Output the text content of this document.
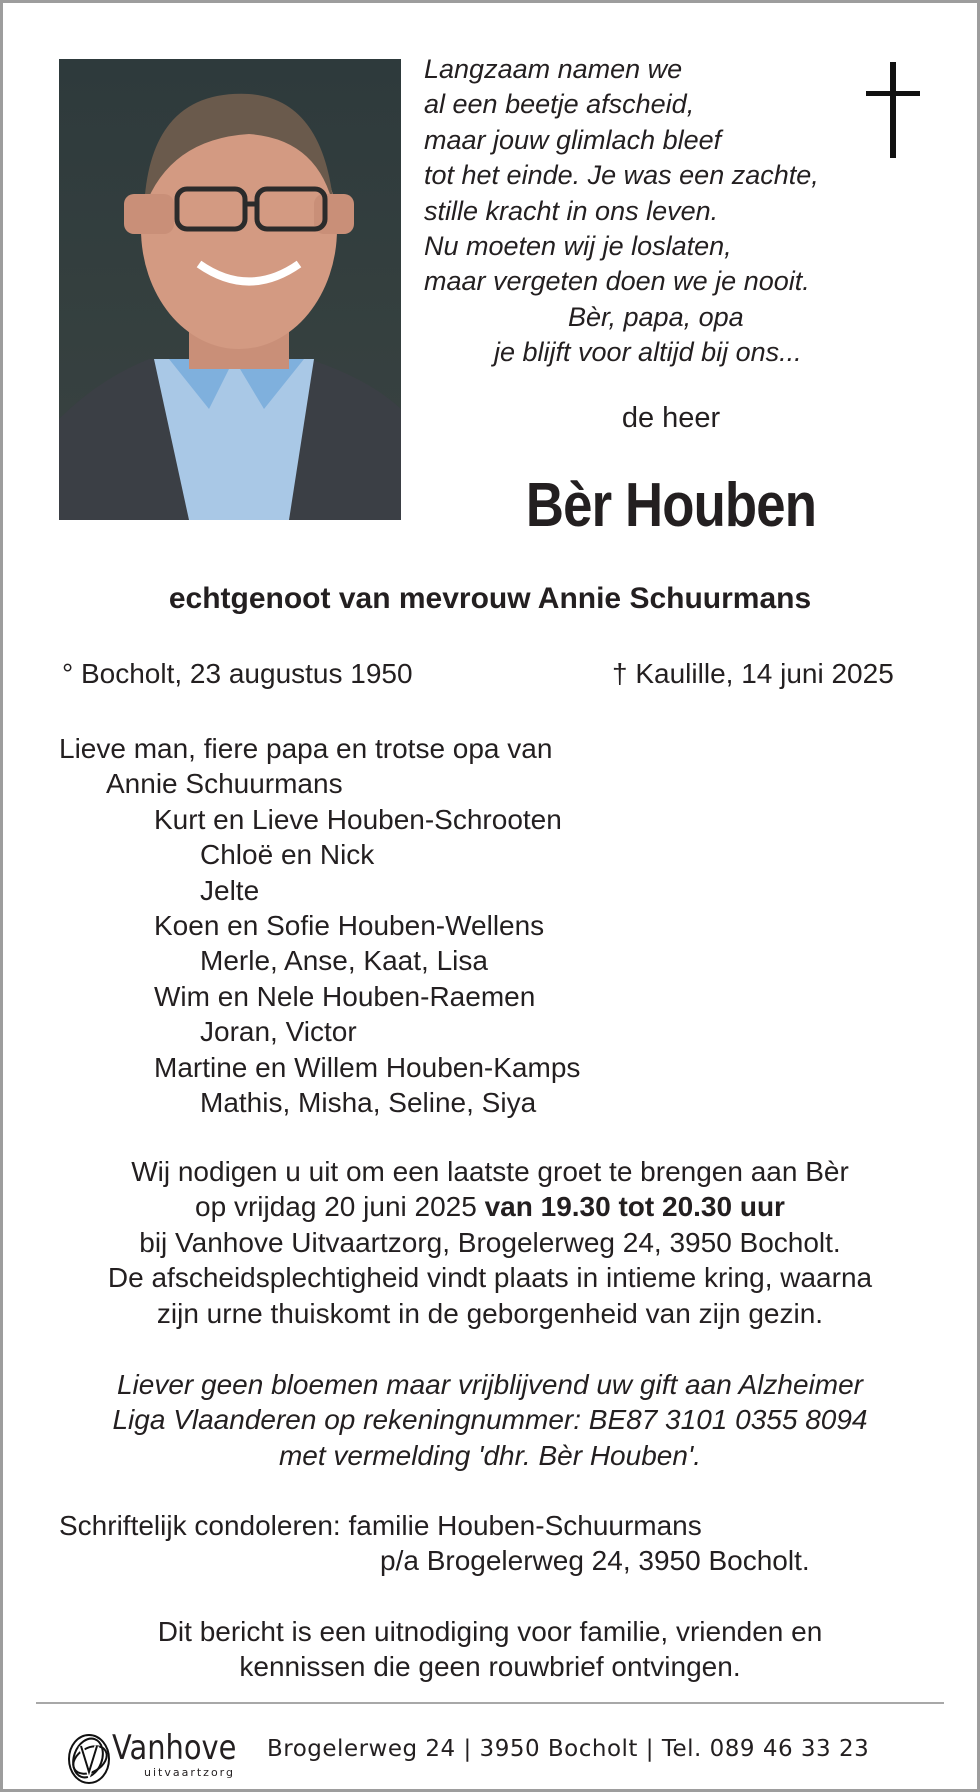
Langzaam namen we
al een beetje afscheid,
maar jouw glimlach bleef
tot het einde. Je was een zachte,
stille kracht in ons leven.
Nu moeten wij je loslaten,
maar vergeten doen we je nooit.
Bèr, papa, opa
je blijft voor altijd bij ons...
de heer
Bèr Houben
echtgenoot van mevrouw Annie Schuurmans
° Bocholt, 23 augustus 1950	† Kaulille, 14 juni 2025
Lieve man, fiere papa en trotse opa van
Annie Schuurmans
Kurt en Lieve Houben-Schrooten
Chloë en Nick
Jelte
Koen en Sofie Houben-Wellens
Merle, Anse, Kaat, Lisa
Wim en Nele Houben-Raemen
Joran, Victor
Martine en Willem Houben-Kamps
Mathis, Misha, Seline, Siya
Wij nodigen u uit om een laatste groet te brengen aan Bèr
op vrijdag 20 juni 2025 van 19.30 tot 20.30 uur
bij Vanhove Uitvaartzorg, Brogelerweg 24, 3950 Bocholt.
De afscheidsplechtigheid vindt plaats in intieme kring, waarna
zijn urne thuiskomt in de geborgenheid van zijn gezin.
Liever geen bloemen maar vrijblijvend uw gift aan Alzheimer
Liga Vlaanderen op rekeningnummer: BE87 3101 0355 8094
met vermelding 'dhr. Bèr Houben'.
Schriftelijk condoleren: familie Houben-Schuurmans
p/a Brogelerweg 24, 3950 Bocholt.
Dit bericht is een uitnodiging voor familie, vrienden en
kennissen die geen rouwbrief ontvingen.
Vanhove
uitvaartzorg
Brogelerweg 24 | 3950 Bocholt | Tel. 089 46 33 23
